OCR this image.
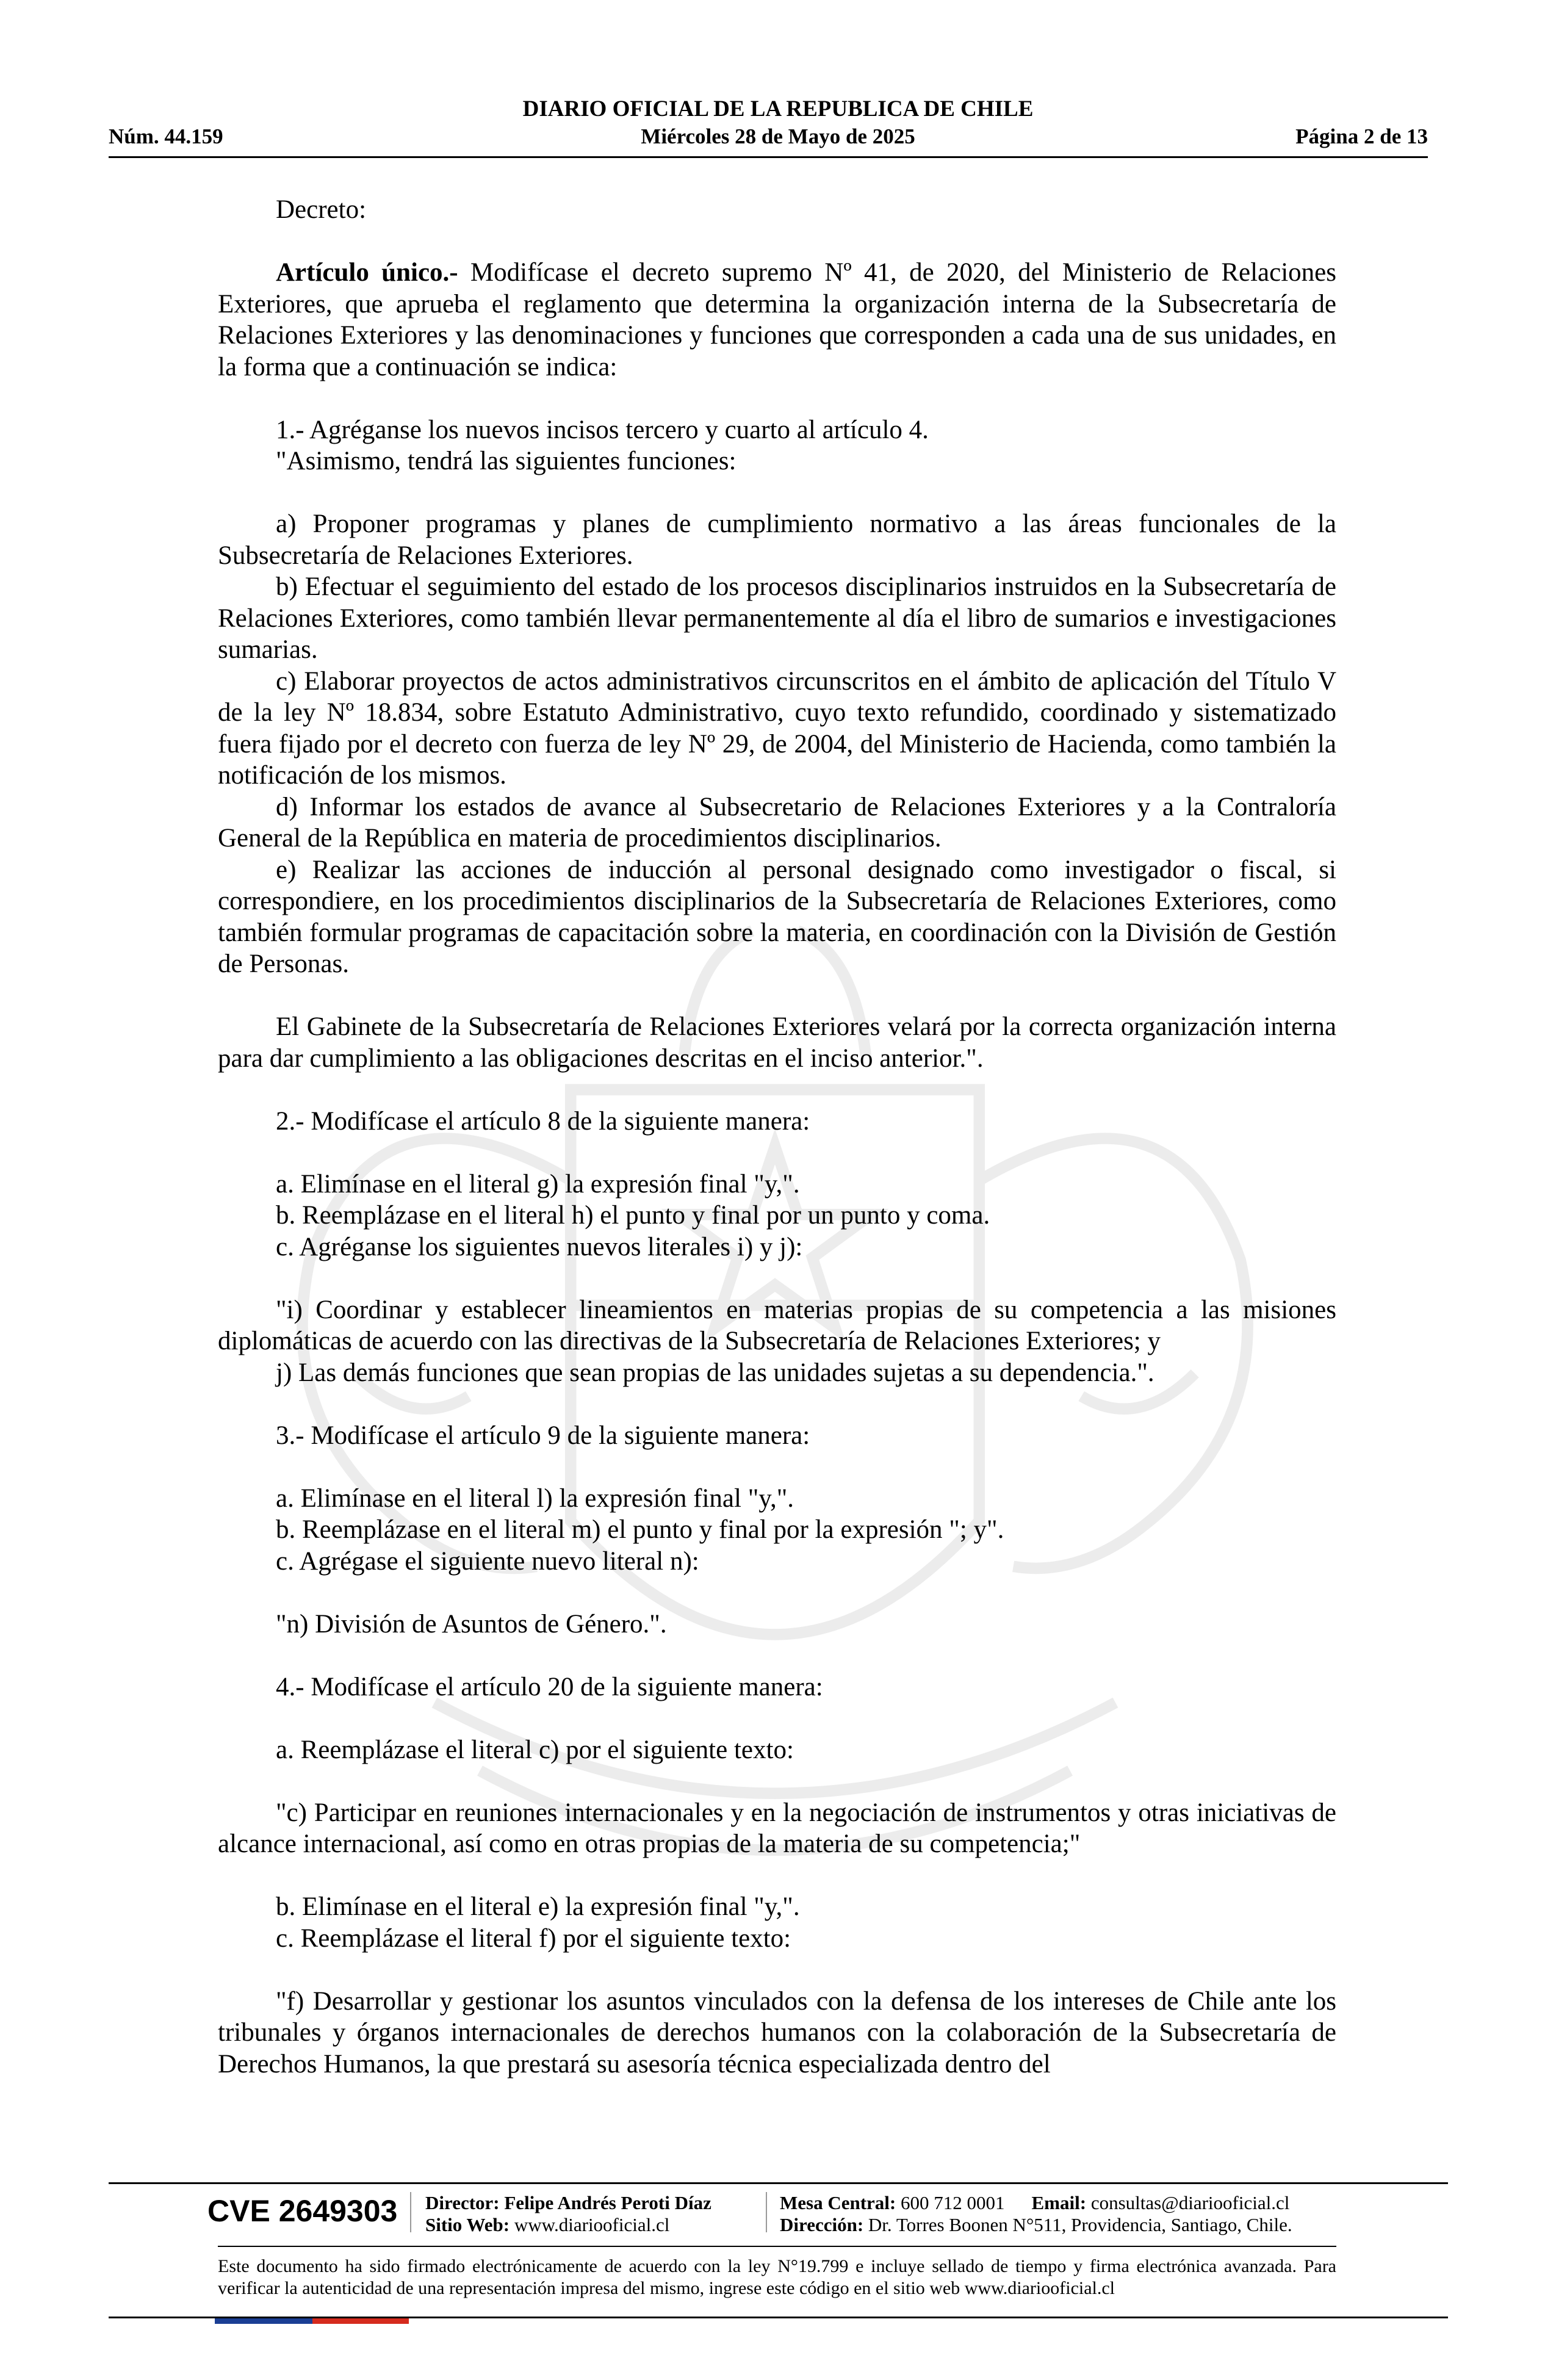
DIARIO OFICIAL DE LA REPUBLICA DE CHILE
Núm. 44.159	Miércoles 28 de Mayo de 2025	Página 2 de 13

Decreto:

Artículo único.- Modifícase el decreto supremo Nº 41, de 2020, del Ministerio de Relaciones Exteriores, que aprueba el reglamento que determina la organización interna de la Subsecretaría de Relaciones Exteriores y las denominaciones y funciones que corresponden a cada una de sus unidades, en la forma que a continuación se indica:

1.- Agréganse los nuevos incisos tercero y cuarto al artículo 4.

"Asimismo, tendrá las siguientes funciones:

a) Proponer programas y planes de cumplimiento normativo a las áreas funcionales de la Subsecretaría de Relaciones Exteriores.

b) Efectuar el seguimiento del estado de los procesos disciplinarios instruidos en la Subsecretaría de Relaciones Exteriores, como también llevar permanentemente al día el libro de sumarios e investigaciones sumarias.

c) Elaborar proyectos de actos administrativos circunscritos en el ámbito de aplicación del Título V de la ley Nº 18.834, sobre Estatuto Administrativo, cuyo texto refundido, coordinado y sistematizado fuera fijado por el decreto con fuerza de ley Nº 29, de 2004, del Ministerio de Hacienda, como también la notificación de los mismos.

d) Informar los estados de avance al Subsecretario de Relaciones Exteriores y a la Contraloría General de la República en materia de procedimientos disciplinarios.

e) Realizar las acciones de inducción al personal designado como investigador o fiscal, si correspondiere, en los procedimientos disciplinarios de la Subsecretaría de Relaciones Exteriores, como también formular programas de capacitación sobre la materia, en coordinación con la División de Gestión de Personas.

El Gabinete de la Subsecretaría de Relaciones Exteriores velará por la correcta organización interna para dar cumplimiento a las obligaciones descritas en el inciso anterior.".

2.- Modifícase el artículo 8 de la siguiente manera:

a. Elimínase en el literal g) la expresión final "y,".

b. Reemplázase en el literal h) el punto y final por un punto y coma.

c. Agréganse los siguientes nuevos literales i) y j):

"i) Coordinar y establecer lineamientos en materias propias de su competencia a las misiones diplomáticas de acuerdo con las directivas de la Subsecretaría de Relaciones Exteriores; y

j) Las demás funciones que sean propias de las unidades sujetas a su dependencia.".

3.- Modifícase el artículo 9 de la siguiente manera:

a. Elimínase en el literal l) la expresión final "y,".

b. Reemplázase en el literal m) el punto y final por la expresión "; y".

c. Agrégase el siguiente nuevo literal n):

"n) División de Asuntos de Género.".

4.- Modifícase el artículo 20 de la siguiente manera:

a. Reemplázase el literal c) por el siguiente texto:

"c) Participar en reuniones internacionales y en la negociación de instrumentos y otras iniciativas de alcance internacional, así como en otras propias de la materia de su competencia;"

b. Elimínase en el literal e) la expresión final "y,".

c. Reemplázase el literal f) por el siguiente texto:

"f) Desarrollar y gestionar los asuntos vinculados con la defensa de los intereses de Chile ante los tribunales y órganos internacionales de derechos humanos con la colaboración de la Subsecretaría de Derechos Humanos, la que prestará su asesoría técnica especializada dentro del

CVE 2649303 Director: Felipe Andrés Peroti Díaz
Sitio Web: www.diariooficial.cl
Mesa Central: 600 712 0001 Email: consultas@diariooficial.cl
Dirección: Dr. Torres Boonen N°511, Providencia, Santiago, Chile.
Este documento ha sido firmado electrónicamente de acuerdo con la ley N°19.799 e incluye sellado de tiempo y firma electrónica avanzada. Para verificar la autenticidad de una representación impresa del mismo, ingrese este código en el sitio web www.diariooficial.cl
